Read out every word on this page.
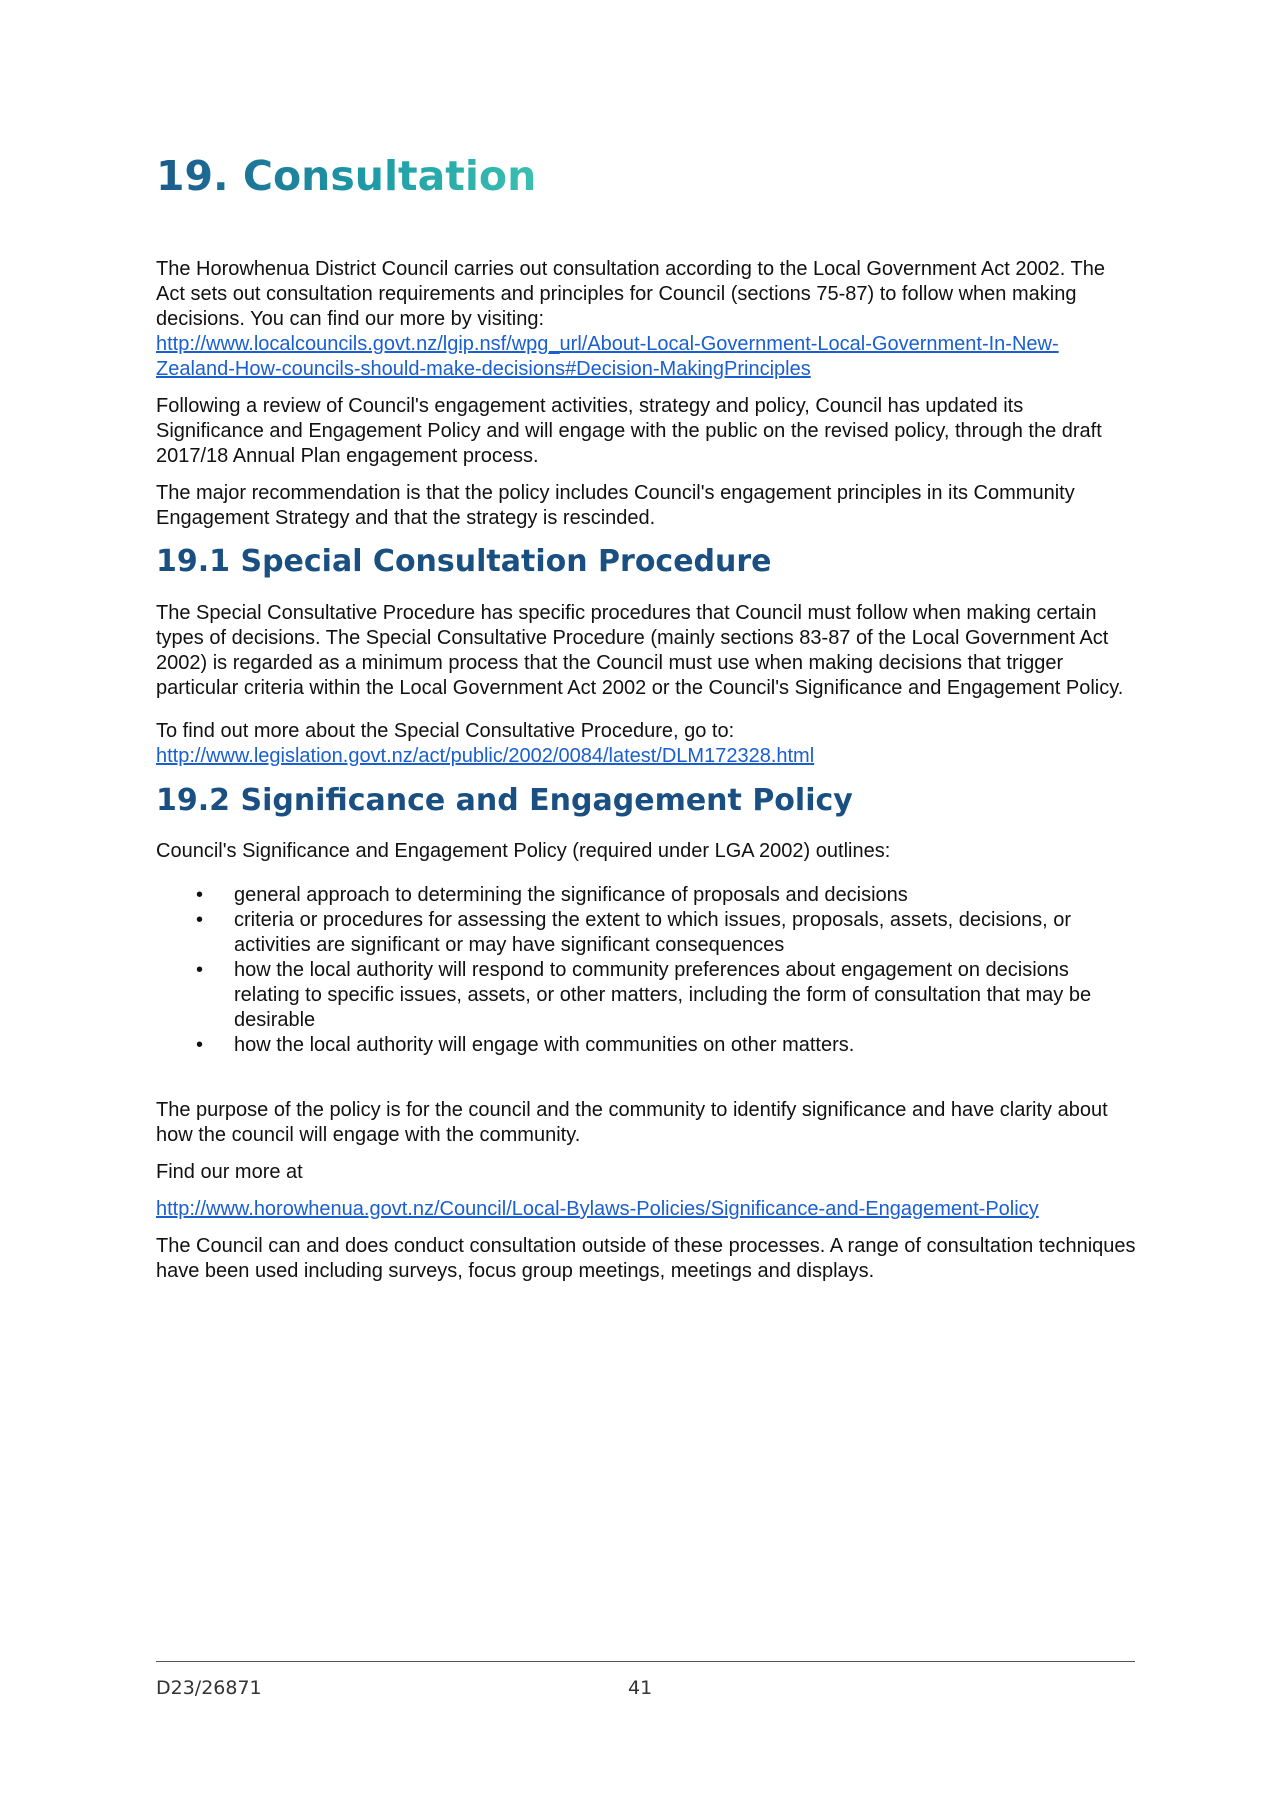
19. Consultation

The Horowhenua District Council carries out consultation according to the Local Government Act 2002. The Act sets out consultation requirements and principles for Council (sections 75-87) to follow when making decisions. You can find our more by visiting:
http://www.localcouncils.govt.nz/lgip.nsf/wpg_url/About-Local-Government-Local-Government-In-New-Zealand-How-councils-should-make-decisions#Decision-MakingPrinciples

Following a review of Council's engagement activities, strategy and policy, Council has updated its Significance and Engagement Policy and will engage with the public on the revised policy, through the draft 2017/18 Annual Plan engagement process.

The major recommendation is that the policy includes Council's engagement principles in its Community Engagement Strategy and that the strategy is rescinded.

19.1 Special Consultation Procedure

The Special Consultative Procedure has specific procedures that Council must follow when making certain types of decisions. The Special Consultative Procedure (mainly sections 83-87 of the Local Government Act 2002) is regarded as a minimum process that the Council must use when making decisions that trigger particular criteria within the Local Government Act 2002 or the Council's Significance and Engagement Policy.

To find out more about the Special Consultative Procedure, go to:
http://www.legislation.govt.nz/act/public/2002/0084/latest/DLM172328.html

19.2 Significance and Engagement Policy

Council's Significance and Engagement Policy (required under LGA 2002) outlines:

• general approach to determining the significance of proposals and decisions
• criteria or procedures for assessing the extent to which issues, proposals, assets, decisions, or activities are significant or may have significant consequences
• how the local authority will respond to community preferences about engagement on decisions relating to specific issues, assets, or other matters, including the form of consultation that may be desirable
• how the local authority will engage with communities on other matters.

The purpose of the policy is for the council and the community to identify significance and have clarity about how the council will engage with the community.

Find our more at

http://www.horowhenua.govt.nz/Council/Local-Bylaws-Policies/Significance-and-Engagement-Policy

The Council can and does conduct consultation outside of these processes. A range of consultation techniques have been used including surveys, focus group meetings, meetings and displays.

D23/26871	41
